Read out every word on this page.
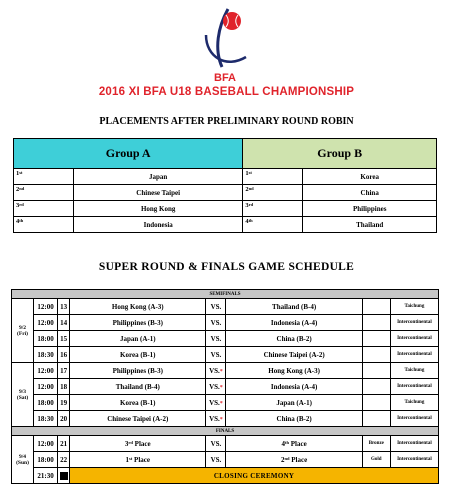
BFA
2016 XI BFA U18 BASEBALL CHAMPIONSHIP
PLACEMENTS AFTER PRELIMINARY ROUND ROBIN
Group A		Group B	
1st	Japan	1st	Korea
2nd	Chinese Taipei	2nd	China
3rd	Hong Kong	3rd	Philippines
4th	Indonesia	4th	Thailand
SUPER ROUND & FINALS GAME SCHEDULE
SEMIFINALS							

9/2
(Fri)	12:00	13	Hong Kong (A-3)	VS.	Thailand (B-4)		Taichung
	12:00	14	Philippines (B-3)	VS.	Indonesia (A-4)		Intercontinental
	18:00	15	Japan (A-1)	VS.	China (B-2)		Intercontinental
	18:30	16	Korea (B-1)	VS.	Chinese Taipei (A-2)		Intercontinental

9/3
(Sat)	12:00	17	Philippines (B-3)	VS.*	Hong Kong (A-3)		Taichung
	12:00	18	Thailand (B-4)	VS.*	Indonesia (A-4)		Intercontinental
	18:00	19	Korea (B-1)	VS.*	Japan (A-1)		Taichung
	18:30	20	Chinese Taipei (A-2)	VS.*	China (B-2)		Intercontinental
FINALS							

9/4
(Sun)	12:00	21	3rd Place	VS.	4th Place	Bronze	Intercontinental
	18:00	22	1st Place	VS.	2nd Place	Gold	Intercontinental
	21:30		CLOSING CEREMONY				
